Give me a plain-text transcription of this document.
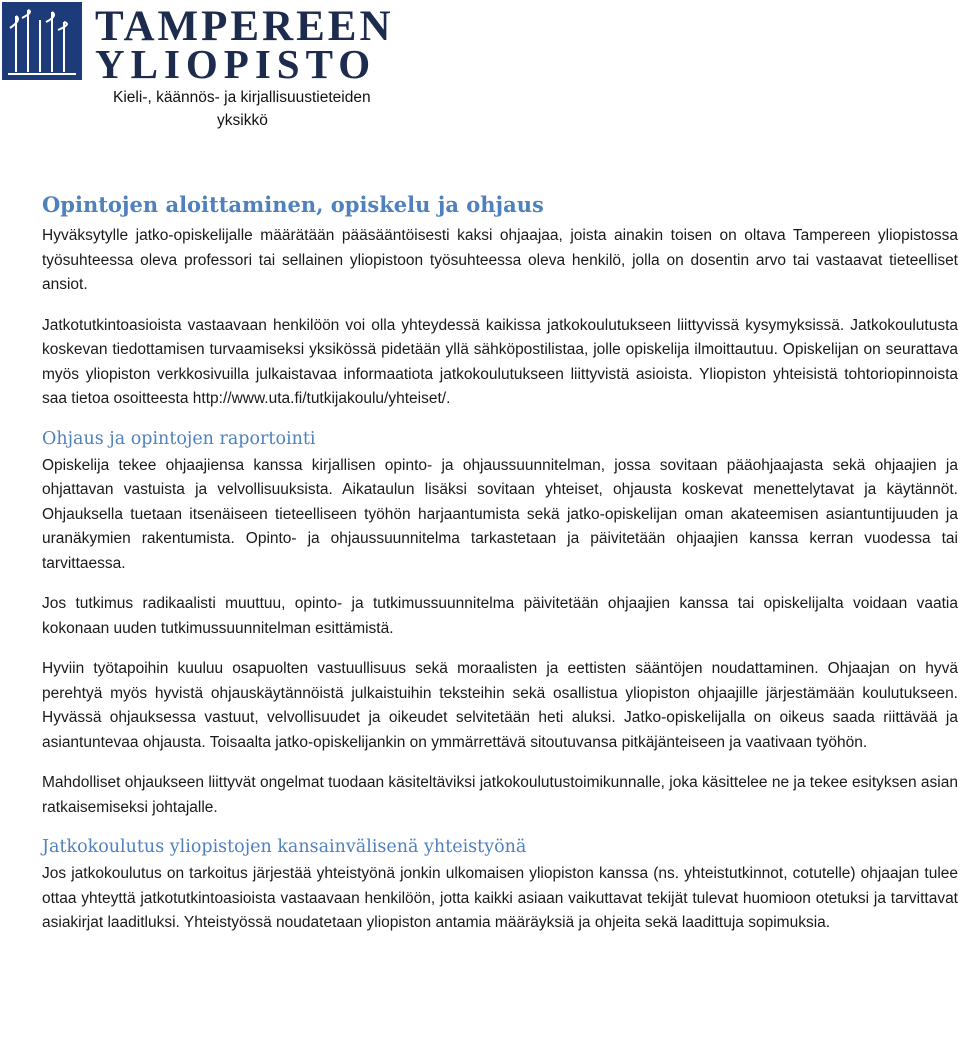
TAMPEREEN
YLIOPISTO
Kieli-, käännös- ja kirjallisuustieteiden
yksikkö
Opintojen aloittaminen, opiskelu ja ohjaus

Hyväksytylle jatko-opiskelijalle määrätään pääsääntöisesti kaksi ohjaajaa, joista ainakin toisen on oltava Tampereen yliopistossa työsuhteessa oleva professori tai sellainen yliopistoon työsuhteessa oleva henkilö, jolla on dosentin arvo tai vastaavat tieteelliset ansiot.

Jatkotutkintoasioista vastaavaan henkilöön voi olla yhteydessä kaikissa jatkokoulutukseen liittyvissä kysymyksissä. Jatkokoulutusta koskevan tiedottamisen turvaamiseksi yksikössä pidetään yllä sähköpostilistaa, jolle opiskelija ilmoittautuu. Opiskelijan on seurattava myös yliopiston verkkosivuilla julkaistavaa informaatiota jatkokoulutukseen liittyvistä asioista. Yliopiston yhteisistä tohtoriopinnoista saa tietoa osoitteesta http://www.uta.fi/tutkijakoulu/yhteiset/.

Ohjaus ja opintojen raportointi

Opiskelija tekee ohjaajiensa kanssa kirjallisen opinto- ja ohjaussuunnitelman, jossa sovitaan pääohjaajasta sekä ohjaajien ja ohjattavan vastuista ja velvollisuuksista. Aikataulun lisäksi sovitaan yhteiset, ohjausta koskevat menettelytavat ja käytännöt. Ohjauksella tuetaan itsenäiseen tieteelliseen työhön harjaantumista sekä jatko-opiskelijan oman akateemisen asiantuntijuuden ja uranäkymien rakentumista. Opinto- ja ohjaussuunnitelma tarkastetaan ja päivitetään ohjaajien kanssa kerran vuodessa tai tarvittaessa.

Jos tutkimus radikaalisti muuttuu, opinto- ja tutkimussuunnitelma päivitetään ohjaajien kanssa tai opiskelijalta voidaan vaatia kokonaan uuden tutkimussuunnitelman esittämistä.

Hyviin työtapoihin kuuluu osapuolten vastuullisuus sekä moraalisten ja eettisten sääntöjen noudattaminen. Ohjaajan on hyvä perehtyä myös hyvistä ohjauskäytännöistä julkaistuihin teksteihin sekä osallistua yliopiston ohjaajille järjestämään koulutukseen. Hyvässä ohjauksessa vastuut, velvollisuudet ja oikeudet selvitetään heti aluksi. Jatko-opiskelijalla on oikeus saada riittävää ja asiantuntevaa ohjausta. Toisaalta jatko-opiskelijankin on ymmärrettävä sitoutuvansa pitkäjänteiseen ja vaativaan työhön.

Mahdolliset ohjaukseen liittyvät ongelmat tuodaan käsiteltäviksi jatkokoulutustoimikunnalle, joka käsittelee ne ja tekee esityksen asian ratkaisemiseksi johtajalle.

Jatkokoulutus yliopistojen kansainvälisenä yhteistyönä

Jos jatkokoulutus on tarkoitus järjestää yhteistyönä jonkin ulkomaisen yliopiston kanssa (ns. yhteistutkinnot, cotutelle) ohjaajan tulee ottaa yhteyttä jatkotutkintoasioista vastaavaan henkilöön, jotta kaikki asiaan vaikuttavat tekijät tulevat huomioon otetuksi ja tarvittavat asiakirjat laaditluksi. Yhteistyössä noudatetaan yliopiston antamia määräyksiä ja ohjeita sekä laadittuja sopimuksia.
